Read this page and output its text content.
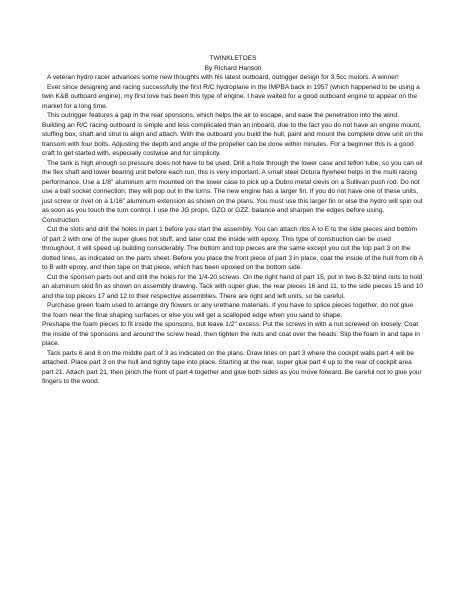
TWINKLETOES

By Richard Hanson

A veteran hydro racer advances some new thoughts with his latest outboard, outrigger design for 3.5cc motors. A winner!

Ever since designing and racing successfully the first R/C hydroplane in the IMPBA back in 1957 (which happened to be using a twin K&B outboard engine), my first love has been this type of engine. I have waited for a good outboard engine to appear on the market for a long time.

This outrigger features a gap in the rear sponsons, which helps the air to escape, and ease the penetration into the wind. Building an R/C racing outboard is simple and less complicated than an inboard, due to the fact you do not have an engine mount, stuffing box, shaft and strut to align and attach. With the outboard you build the hull, paint and mount the complete drive unit on the transom with four bolts. Adjusting the depth and angle of the propeller can be done within minutes. For a beginner this is a good craft to get started with, especially costwise and for simplicity.

The tank is high enough so pressure does not have to be used. Drill a hole through the lower case and teflon tube, so you can oil the flex shaft and lower bearing unit before each run, this is very important. A small steel Octura flywheel helps in the multi racing performance. Use a 1/8" aluminum arm mounted on the lower case to pick up a Dubro metal clevis on a Sullivan push rod. Do not use a ball socket connection; they will pop out in the turns. The new engine has a larger fin. If you do not have one of these units, just screw or rivet on a 1/16" aluminum extension as shown on the plans. You must use this larger fin or else the hydro will spin out as soon as you touch the turn control. I use the JG props, GZO or GZZ. balance and sharpen the edges before using.

Construction

Cut the slots and drill the holes in part 1 before you start the assembly. You can attach ribs A to E to the side pieces and bottom of part 2 with one of the super glues hot stuff, and later coat the inside with epoxy. This type of construction can be used throughout, it will speed up building considerably. The bottom and top pieces are the same except you cut the top part 3 on the dotted lines, as indicated on the parts sheet. Before you place the front piece of part 3 in place, coat the inside of the hull from rib A to B with epoxy, and then tape on that piece, which has been epoxied on the bottom side.

Cut the sponson parts out and drill the holes for the 1/4-20 screws. On the right hand of part 15, put in two 8-32 blind nuts to hold an aluminum skid fin as shown on assembly drawing. Tack with super glue, the rear pieces 16 and 11, to the side pieces 15 and 10 and the top pieces 17 and 12 to their respective assemblies. There are right and left units, so be careful.

Purchase green foam used to arrange dry flowers or any urethane materials. If you have to splice pieces together, do not glue the foam near the final shaping surfaces or else you will get a scalloped edge when you sand to shape.

Preshape the foam pieces to fit inside the sponsons, but leave 1/2" excess. Put the screws in with a nut screwed on loosely. Coat the inside of the sponsons and around the screw head, then tighten the nuts and coat over the heads. Slip the foam in and tape in place.

Tack parts 6 and 8 on the middle part of 3 as indicated on the plans. Draw lines on part 3 where the cockpit walls part 4 will be attached. Place part 3 on the hull and tightly tape into place. Starting at the rear, super glue part 4 up to the rear of cockpit area part 21. Attach part 21, then pinch the front of part 4 together and glue both sides as you move forward. Be careful not to glue your fingers to the wood.
